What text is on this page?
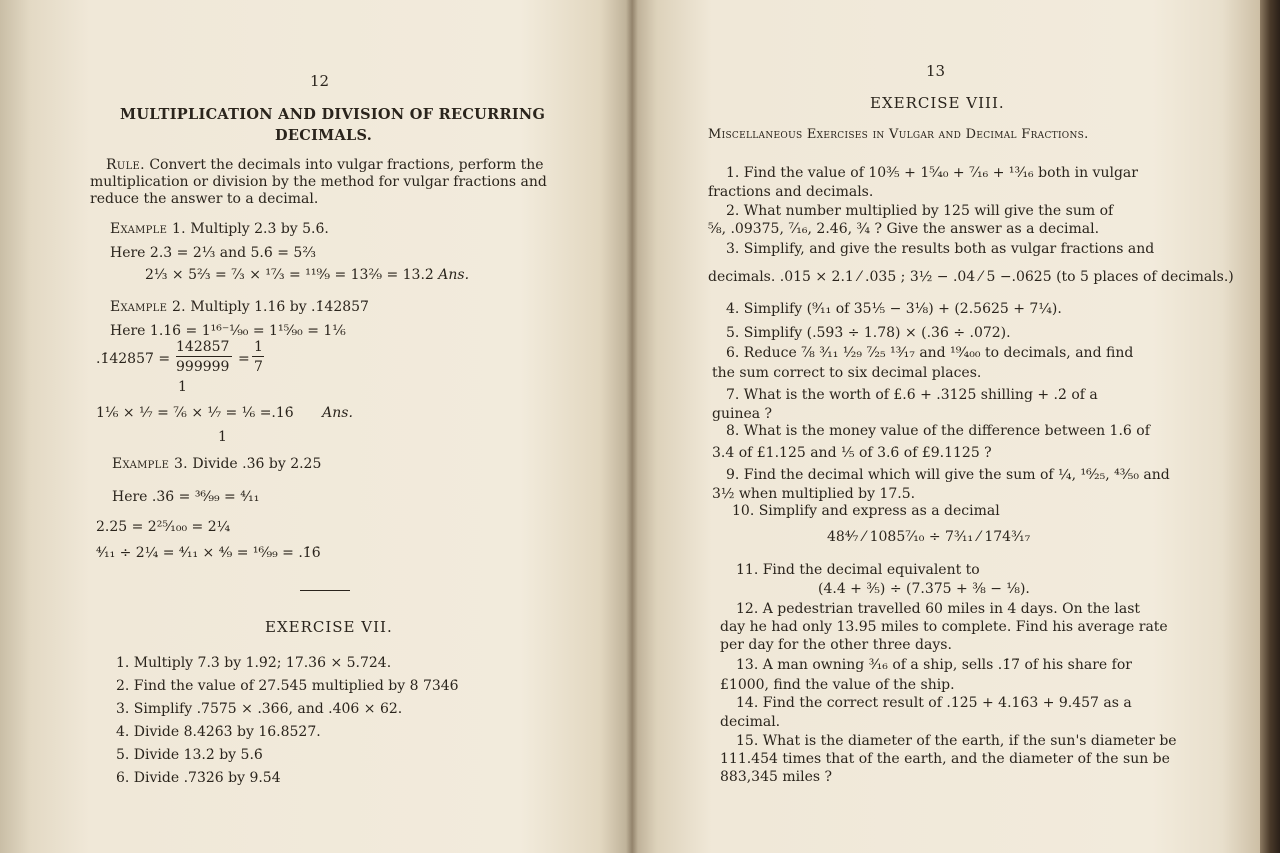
12
MULTIPLICATION AND DIVISION OF RECURRING
DECIMALS.
Rule. Convert the decimals into vulgar fractions, perform the
multiplication or division by the method for vulgar fractions and
reduce the answer to a decimal.
Example 1. Multiply 2.3̇ by 5.6̇.
Here 2.3̇ = 2⅓ and 5.6̇ = 5⅔
2⅓ × 5⅔ = ⁷⁄₃ × ¹⁷⁄₃ = ¹¹⁹⁄₉ = 13²⁄₉ = 13.2̇ Ans.
Example 2. Multiply 1.16̇ by .1̇42857̇
Here 1.16̇ = 1¹⁶⁻¹⁄₉₀ = 1¹⁵⁄₉₀ = 1⅙
.1̇42857̇ =
142857
999999 =
1
7
1
1⅙ × ¹⁄₇ = ⁷⁄₆ × ¹⁄₇ = ¹⁄₆ =.16̇ Ans.
1
Example 3. Divide .3̇6̇ by 2.25
Here .3̇6̇ = ³⁶⁄₉₉ = ⁴⁄₁₁
2.25 = 2²⁵⁄₁₀₀ = 2¼
⁴⁄₁₁ ÷ 2¼ = ⁴⁄₁₁ × ⁴⁄₉ = ¹⁶⁄₉₉ = .1̇6̇
EXERCISE VII.
1. Multiply 7.3̇ by 1.9̇2̇; 17.3̇6 × 5.72̇4.
2. Find the value of 27.54̇5̇ multiplied by 8 734̇6̇
3. Simplify .7̇57̇5 × .36̇6, and .40̇6 × 62.
4. Divide 8.426̇3̇ by 16.852̇7̇.
5. Divide 13.2̇ by 5.6̇
6. Divide .73̇2̇6 by 9.5̇4̇
13
EXERCISE VIII.
Miscellaneous Exercises in Vulgar and Decimal Fractions.
1. Find the value of 10⅗ + 1⁵⁄₄₀ + ⁷⁄₁₆ + ¹³⁄₁₆ both in vulgar
fractions and decimals.
2. What number multiplied by 125 will give the sum of
⅝, .09375, ⁷⁄₁₆, 2.46, ¾ ? Give the answer as a decimal.
3. Simplify, and give the results both as vulgar fractions and
decimals. .015 × 2.1 ⁄ .035 ; 3½ − .04 ⁄ 5 −.0625 (to 5 places of decimals.)
4. Simplify (⁹⁄₁₁ of 35⅕ − 3⅛) + (2.5625 + 7¼).
5. Simplify (.593̇ ÷ 1.78) × (.3̇6̇ ÷ .072).
6. Reduce ⅞ ³⁄₁₁ ¹⁄₂₉ ⁷⁄₂₅ ¹³⁄₁₇ and ¹⁹⁄₄₀₀ to decimals, and find
the sum correct to six decimal places.
7. What is the worth of £.6 + .3125 shilling + .2̇ of a
guinea ?
8. What is the money value of the difference between 1.6 of
3.4 of £1.125 and ⅕ of 3.6̇ of £9.1125 ?
9. Find the decimal which will give the sum of ¼, ¹⁶⁄₂₅, ⁴³⁄₅₀ and
3½ when multiplied by 17.5.
10. Simplify and express as a decimal
48⁴⁄₇ ⁄ 1085⁷⁄₁₀ ÷ 7³⁄₁₁ ⁄ 174³⁄₁₇
11. Find the decimal equivalent to
(4.4 + ⅗) ÷ (7.375 + ⅜ − ⅛).
12. A pedestrian travelled 60 miles in 4 days. On the last
day he had only 13.95 miles to complete. Find his average rate
per day for the other three days.
13. A man owning ³⁄₁₆ of a ship, sells .1̇7̇ of his share for
£1000, find the value of the ship.
14. Find the correct result of .12̇5 + 4.16̇3 + 9.457 as a
decimal.
15. What is the diameter of the earth, if the sun's diameter be
111.454 times that of the earth, and the diameter of the sun be
883,345 miles ?
